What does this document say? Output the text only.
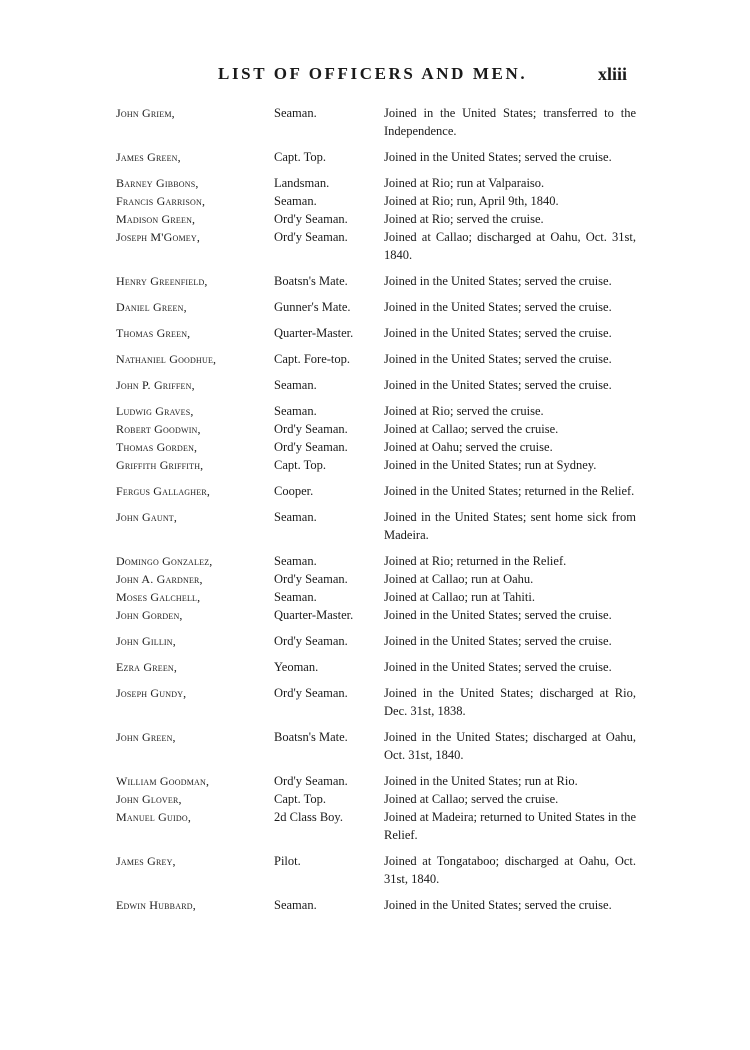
LIST OF OFFICERS AND MEN.	xliii
John Griem,	Seaman.	Joined in the United States; transferred to the Independence.
James Green,	Capt. Top.	Joined in the United States; served the cruise.
Barney Gibbons,	Landsman.	Joined at Rio; run at Valparaiso.
Francis Garrison,	Seaman.	Joined at Rio; run, April 9th, 1840.
Madison Green,	Ord'y Seaman.	Joined at Rio; served the cruise.
Joseph M'Gomey,	Ord'y Seaman.	Joined at Callao; discharged at Oahu, Oct. 31st, 1840.
Henry Greenfield,	Boatsn's Mate.	Joined in the United States; served the cruise.
Daniel Green,	Gunner's Mate.	Joined in the United States; served the cruise.
Thomas Green,	Quarter-Master.	Joined in the United States; served the cruise.
Nathaniel Goodhue,	Capt. Fore-top.	Joined in the United States; served the cruise.
John P. Griffen,	Seaman.	Joined in the United States; served the cruise.
Ludwig Graves,	Seaman.	Joined at Rio; served the cruise.
Robert Goodwin,	Ord'y Seaman.	Joined at Callao; served the cruise.
Thomas Gorden,	Ord'y Seaman.	Joined at Oahu; served the cruise.
Griffith Griffith,	Capt. Top.	Joined in the United States; run at Sydney.
Fergus Gallagher,	Cooper.	Joined in the United States; returned in the Relief.
John Gaunt,	Seaman.	Joined in the United States; sent home sick from Madeira.
Domingo Gonzalez,	Seaman.	Joined at Rio; returned in the Relief.
John A. Gardner,	Ord'y Seaman.	Joined at Callao; run at Oahu.
Moses Galchell,	Seaman.	Joined at Callao; run at Tahiti.
John Gorden,	Quarter-Master.	Joined in the United States; served the cruise.
John Gillin,	Ord'y Seaman.	Joined in the United States; served the cruise.
Ezra Green,	Yeoman.	Joined in the United States; served the cruise.
Joseph Gundy,	Ord'y Seaman.	Joined in the United States; discharged at Rio, Dec. 31st, 1838.
John Green,	Boatsn's Mate.	Joined in the United States; discharged at Oahu, Oct. 31st, 1840.
William Goodman,	Ord'y Seaman.	Joined in the United States; run at Rio.
John Glover,	Capt. Top.	Joined at Callao; served the cruise.
Manuel Guido,	2d Class Boy.	Joined at Madeira; returned to United States in the Relief.
James Grey,	Pilot.	Joined at Tongataboo; discharged at Oahu, Oct. 31st, 1840.
Edwin Hubbard,	Seaman.	Joined in the United States; served the cruise.
